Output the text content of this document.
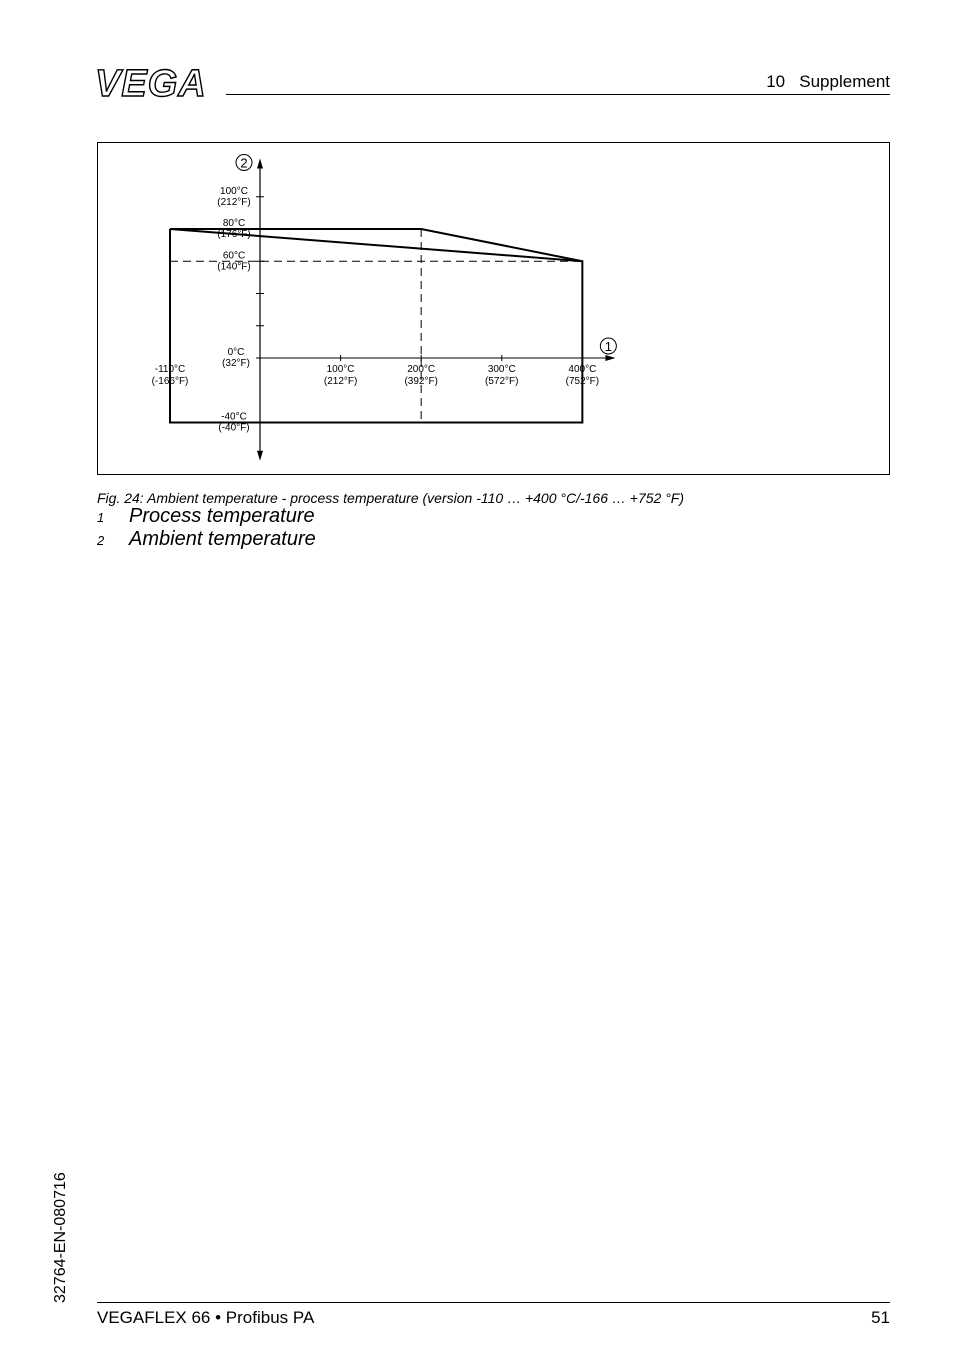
VEGA	10   Supplement
2
1
100°C
(212°F)
80°C
(176°F)
60°C
(140°F)
0°C
(32°F)
-40°C
(-40°F)
-110°C
(-166°F)
100°C
(212°F)
200°C
(392°F)
300°C
(572°F)
400°C
(752°F)
Fig. 24: Ambient temperature - process temperature (version -110 … +400 °C/-166 … +752 °F)
1 Process temperature
2 Ambient temperature
32764-EN-080716
VEGAFLEX 66 • Profibus PA	51
